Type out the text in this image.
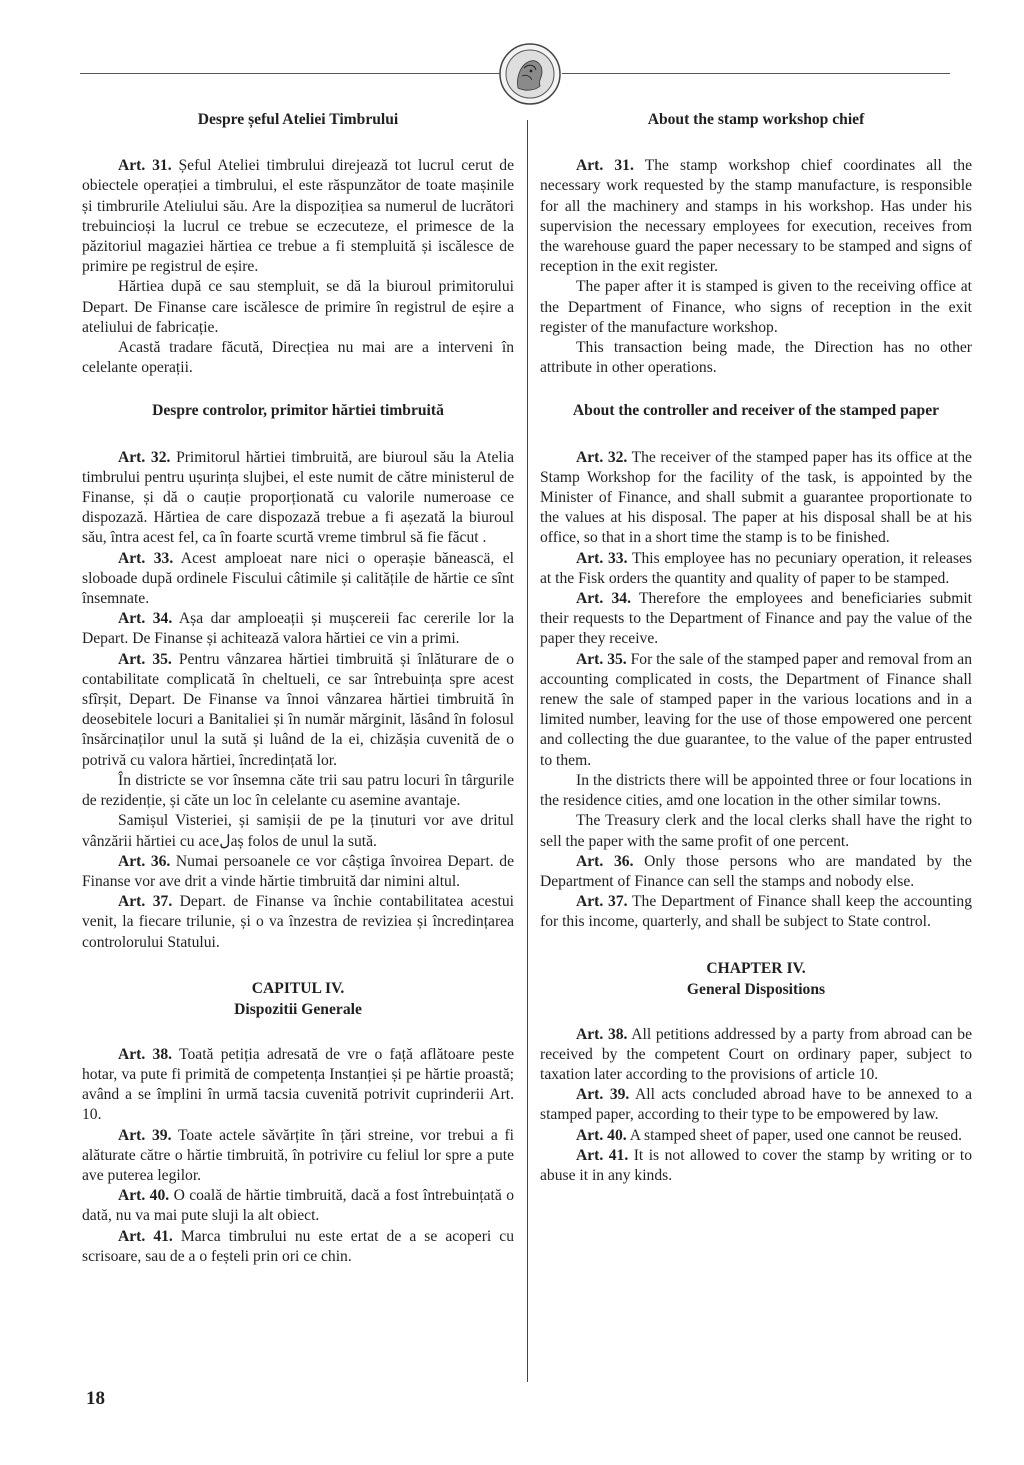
Despre șeful Ateliei Timbrului

Art. 31. Șeful Ateliei timbrului direjează tot lucrul cerut de obiectele operației a timbrului, el este răspunzător de toate mașinile și timbrurile Ateliului său. Are la dispozițiea sa numerul de lucrători trebuincioși la lucrul ce trebue se eczecuteze, el primesce de la păzitoriul magaziei hărtiea ce trebue a fi stempluită și iscălesce de primire pe registrul de eșire.

Hărtiea după ce sau stempluit, se dă la biuroul primitorului Depart. De Finanse care iscălesce de primire în registrul de eșire a ateliului de fabricație.

Acastă tradare făcută, Direcțiea nu mai are a interveni în celelante operații.

Despre controlor, primitor hărtiei timbruită

Art. 32. Primitorul hărtiei timbruită, are biuroul său la Atelia timbrului pentru ușurința slujbei, el este numit de către ministerul de Finanse, și dă o cauție proporționată cu valorile numeroase ce dispozază. Hărtiea de care dispozază trebue a fi așezată la biuroul său, întra acest fel, ca în foarte scurtă vreme timbrul să fie făcut .

Art. 33. Acest amploeat nare nici o operașie băneascä, el sloboade după ordinele Fiscului câtimile și calitățile de hărtie ce sînt însemnate.

Art. 34. Așa dar amploeații și mușcereii fac cererile lor la Depart. De Finanse și achitează valora hărtiei ce vin a primi.

Art. 35. Pentru vânzarea hărtiei timbruită și înlăturare de o contabilitate complicată în cheltueli, ce sar întrebuința spre acest sfîrșit, Depart. De Finanse va înnoi vânzarea hărtiei timbruită în deosebitele locuri a Banitaliei și în număr mărginit, lăsând în folosul însărcinaților unul la sută și luând de la ei, chizășia cuvenită de o potrivă cu valora hărtiei, încredințată lor.

În districte se vor însemna căte trii sau patru locuri în târgurile de rezidenție, și căte un loc în celelante cu asemine avantaje.

Samișul Visteriei, și samișii de pe la ținuturi vor ave dritul vânzării hărtiei cu aceلaș folos de unul la sută.

Art. 36. Numai persoanele ce vor câștiga învoirea Depart. de Finanse vor ave drit a vinde hărtie timbruită dar nimini altul.

Art. 37. Depart. de Finanse va închie contabilitatea acestui venit, la fiecare trilunie, și o va înzestra de reviziea și încredințarea controlorului Statului.

CAPITUL IV.
Dispozitii Generale

Art. 38. Toată petiția adresată de vre o față aflătoare peste hotar, va pute fi primită de competența Instanției și pe hărtie proastă; având a se împlini în urmă tacsia cuvenită potrivit cuprinderii Art. 10.

Art. 39. Toate actele săvărțite în țări streine, vor trebui a fi alăturate către o hărtie timbruită, în potrivire cu feliul lor spre a pute ave puterea legilor.

Art. 40. O coală de hărtie timbruită, dacă a fost întrebuințată o dată, nu va mai pute sluji la alt obiect.

Art. 41. Marca timbrului nu este ertat de a se acoperi cu scrisoare, sau de a o feșteli prin ori ce chin.

About the stamp workshop chief

Art. 31. The stamp workshop chief coordinates all the necessary work requested by the stamp manufacture, is responsible for all the machinery and stamps in his workshop. Has under his supervision the necessary employees for execution, receives from the warehouse guard the paper necessary to be stamped and signs of reception in the exit register.

The paper after it is stamped is given to the receiving office at the Department of Finance, who signs of reception in the exit register of the manufacture workshop.

This transaction being made, the Direction has no other attribute in other operations.

About the controller and receiver of the stamped paper

Art. 32. The receiver of the stamped paper has its office at the Stamp Workshop for the facility of the task, is appointed by the Minister of Finance, and shall submit a guarantee proportionate to the values at his disposal. The paper at his disposal shall be at his office, so that in a short time the stamp is to be finished.

Art. 33. This employee has no pecuniary operation, it releases at the Fisk orders the quantity and quality of paper to be stamped.

Art. 34. Therefore the employees and beneficiaries submit their requests to the Department of Finance and pay the value of the paper they receive.

Art. 35. For the sale of the stamped paper and removal from an accounting complicated in costs, the Department of Finance shall renew the sale of stamped paper in the various locations and in a limited number, leaving for the use of those empowered one percent and collecting the due guarantee, to the value of the paper entrusted to them.

In the districts there will be appointed three or four locations in the residence cities, amd one location in the other similar towns.

The Treasury clerk and the local clerks shall have the right to sell the paper with the same profit of one percent.

Art. 36. Only those persons who are mandated by the Department of Finance can sell the stamps and nobody else.

Art. 37. The Department of Finance shall keep the accounting for this income, quarterly, and shall be subject to State control.

CHAPTER IV.
General Dispositions

Art. 38. All petitions addressed by a party from abroad can be received by the competent Court on ordinary paper, subject to taxation later according to the provisions of article 10.

Art. 39. All acts concluded abroad have to be annexed to a stamped paper, according to their type to be empowered by law.

Art. 40. A stamped sheet of paper, used one cannot be reused.

Art. 41. It is not allowed to cover the stamp by writing or to abuse it in any kinds.

18
